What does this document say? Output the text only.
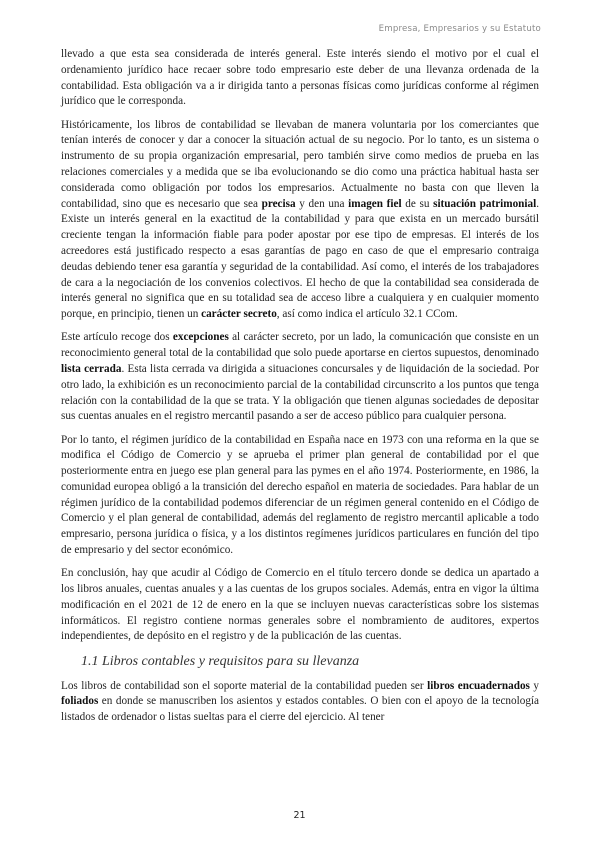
Empresa, Empresarios y su Estatuto

llevado a que esta sea considerada de interés general. Este interés siendo el motivo por el cual el ordenamiento jurídico hace recaer sobre todo empresario este deber de una llevanza ordenada de la contabilidad. Esta obligación va a ir dirigida tanto a personas físicas como jurídicas conforme al régimen jurídico que le corresponda.

Históricamente, los libros de contabilidad se llevaban de manera voluntaria por los comerciantes que tenían interés de conocer y dar a conocer la situación actual de su negocio. Por lo tanto, es un sistema o instrumento de su propia organización empresarial, pero también sirve como medios de prueba en las relaciones comerciales y a medida que se iba evolucionando se dio como una práctica habitual hasta ser considerada como obligación por todos los empresarios. Actualmente no basta con que lleven la contabilidad, sino que es necesario que sea precisa y den una imagen fiel de su situación patrimonial. Existe un interés general en la exactitud de la contabilidad y para que exista en un mercado bursátil creciente tengan la información fiable para poder apostar por ese tipo de empresas. El interés de los acreedores está justificado respecto a esas garantías de pago en caso de que el empresario contraiga deudas debiendo tener esa garantía y seguridad de la contabilidad. Así como, el interés de los trabajadores de cara a la negociación de los convenios colectivos. El hecho de que la contabilidad sea considerada de interés general no significa que en su totalidad sea de acceso libre a cualquiera y en cualquier momento porque, en principio, tienen un carácter secreto, así como indica el artículo 32.1 CCom.

Este artículo recoge dos excepciones al carácter secreto, por un lado, la comunicación que consiste en un reconocimiento general total de la contabilidad que solo puede aportarse en ciertos supuestos, denominado lista cerrada. Esta lista cerrada va dirigida a situaciones concursales y de liquidación de la sociedad. Por otro lado, la exhibición es un reconocimiento parcial de la contabilidad circunscrito a los puntos que tenga relación con la contabilidad de la que se trata. Y la obligación que tienen algunas sociedades de depositar sus cuentas anuales en el registro mercantil pasando a ser de acceso público para cualquier persona.

Por lo tanto, el régimen jurídico de la contabilidad en España nace en 1973 con una reforma en la que se modifica el Código de Comercio y se aprueba el primer plan general de contabilidad por el que posteriormente entra en juego ese plan general para las pymes en el año 1974. Posteriormente, en 1986, la comunidad europea obligó a la transición del derecho español en materia de sociedades. Para hablar de un régimen jurídico de la contabilidad podemos diferenciar de un régimen general contenido en el Código de Comercio y el plan general de contabilidad, además del reglamento de registro mercantil aplicable a todo empresario, persona jurídica o física, y a los distintos regímenes jurídicos particulares en función del tipo de empresario y del sector económico.

En conclusión, hay que acudir al Código de Comercio en el título tercero donde se dedica un apartado a los libros anuales, cuentas anuales y a las cuentas de los grupos sociales. Además, entra en vigor la última modificación en el 2021 de 12 de enero en la que se incluyen nuevas características sobre los sistemas informáticos. El registro contiene normas generales sobre el nombramiento de auditores, expertos independientes, de depósito en el registro y de la publicación de las cuentas.

1.1 Libros contables y requisitos para su llevanza

Los libros de contabilidad son el soporte material de la contabilidad pueden ser libros encuadernados y foliados en donde se manuscriben los asientos y estados contables. O bien con el apoyo de la tecnología listados de ordenador o listas sueltas para el cierre del ejercicio. Al tener

21
